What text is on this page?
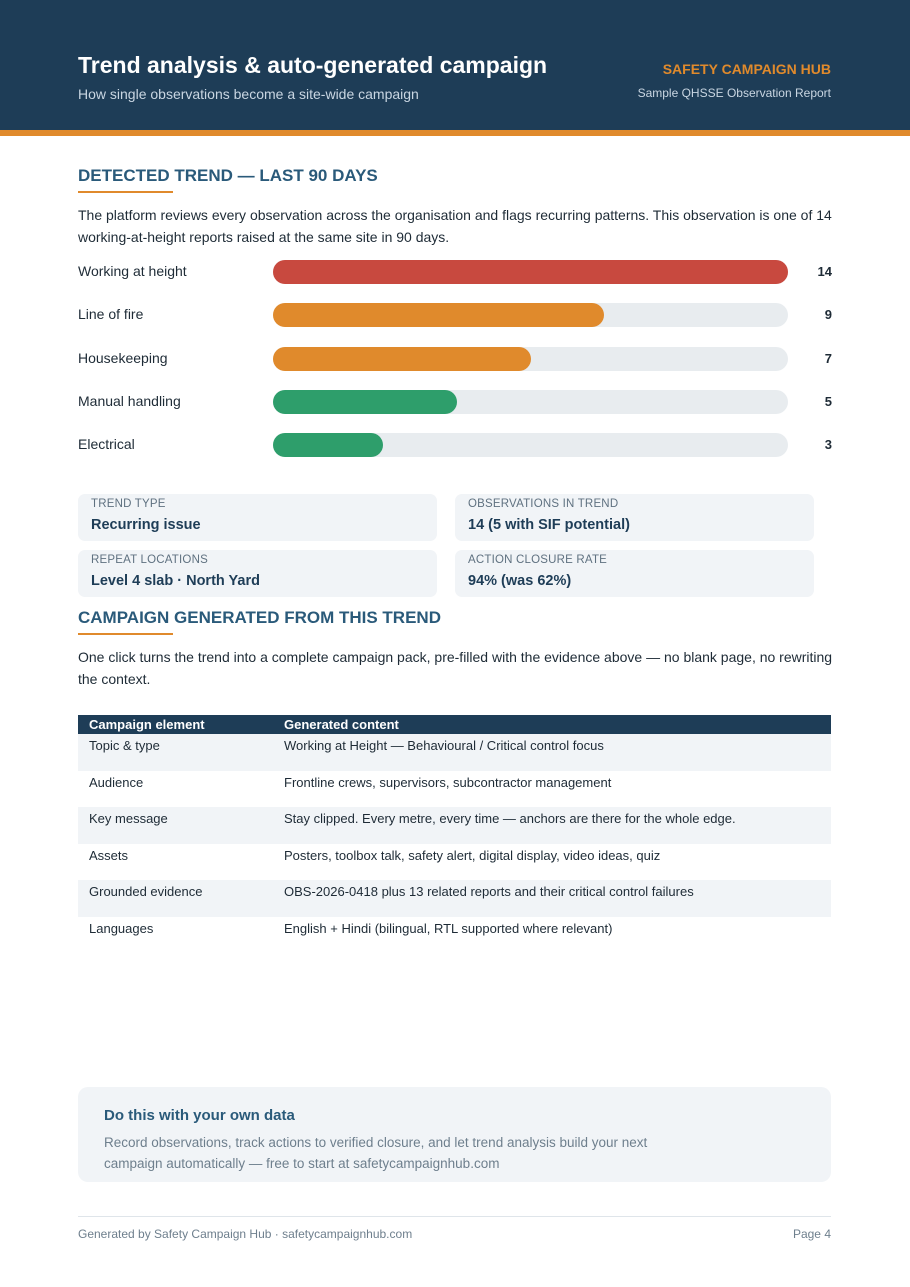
Trend analysis & auto-generated campaign
How single observations become a site-wide campaign
SAFETY CAMPAIGN HUB
Sample QHSSE Observation Report
DETECTED TREND — LAST 90 DAYS
The platform reviews every observation across the organisation and flags recurring patterns. This observation is one of 14 working-at-height reports raised at the same site in 90 days.
Working at height	14
Line of fire	9
Housekeeping	7
Manual handling	5
Electrical	3
TREND TYPE
Recurring issue
OBSERVATIONS IN TREND
14 (5 with SIF potential)
REPEAT LOCATIONS
Level 4 slab · North Yard
ACTION CLOSURE RATE
94% (was 62%)
CAMPAIGN GENERATED FROM THIS TREND
One click turns the trend into a complete campaign pack, pre-filled with the evidence above — no blank page, no rewriting the context.
Campaign element	Generated content
Topic & type	Working at Height — Behavioural / Critical control focus
Audience	Frontline crews, supervisors, subcontractor management
Key message	Stay clipped. Every metre, every time — anchors are there for the whole edge.
Assets	Posters, toolbox talk, safety alert, digital display, video ideas, quiz
Grounded evidence	OBS-2026-0418 plus 13 related reports and their critical control failures
Languages	English + Hindi (bilingual, RTL supported where relevant)
Do this with your own data
Record observations, track actions to verified closure, and let trend analysis build your next campaign automatically — free to start at safetycampaignhub.com
Generated by Safety Campaign Hub · safetycampaignhub.com	Page 4
